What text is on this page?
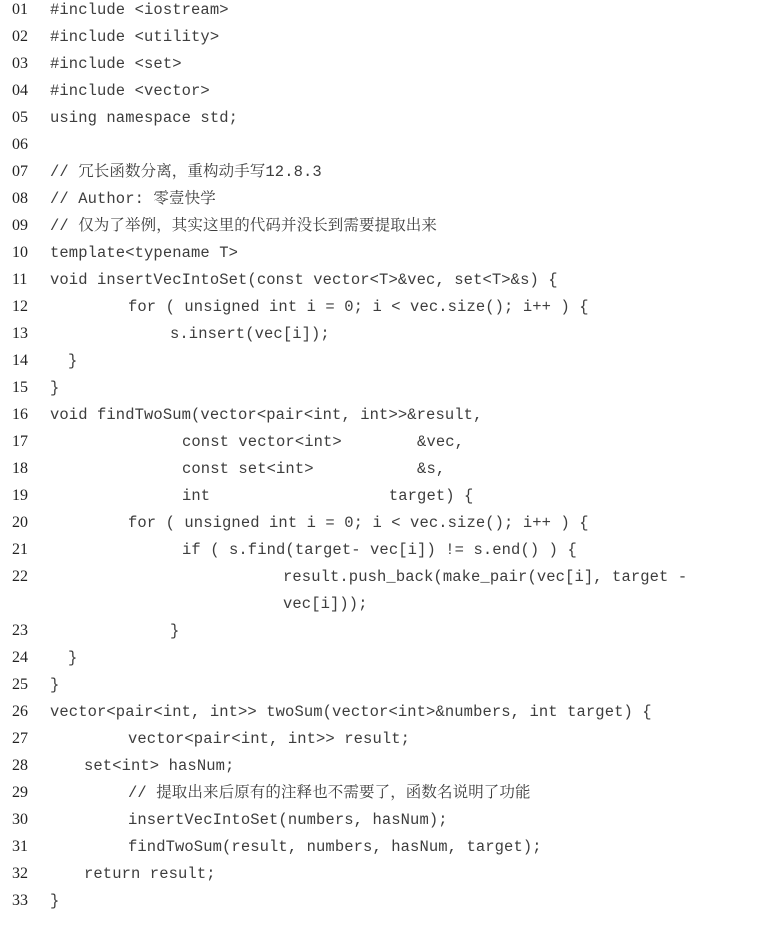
01 #include <iostream>
02 #include <utility>
03 #include <set>
04 #include <vector>
05 using namespace std;
06
07 // 冗长函数分离，重构动手写12.8.3
08 // Author: 零壹快学
09 // 仅为了举例，其实这里的代码并没长到需要提取出来
10 template<typename T>
11 void insertVecIntoSet(const vector<T>&vec, set<T>&s) {
12	for ( unsigned int i = 0; i < vec.size(); i++ ) {
13	s.insert(vec[i]);
14	}
15 }
16 void findTwoSum(vector<pair<int, int>>&result,
17	const vector<int>        &vec,
18	const set<int>           &s,
19	int                   target) {
20	for ( unsigned int i = 0; i < vec.size(); i++ ) {
21	if ( s.find(target- vec[i]) != s.end() ) {
22	result.push_back(make_pair(vec[i], target -
vec[i]));
23	}
24	}
25 }
26 vector<pair<int, int>> twoSum(vector<int>&numbers, int target) {
27	vector<pair<int, int>> result;
28	set<int> hasNum;
29	// 提取出来后原有的注释也不需要了，函数名说明了功能
30	insertVecIntoSet(numbers, hasNum);
31	findTwoSum(result, numbers, hasNum, target);
32	return result;
33 }
